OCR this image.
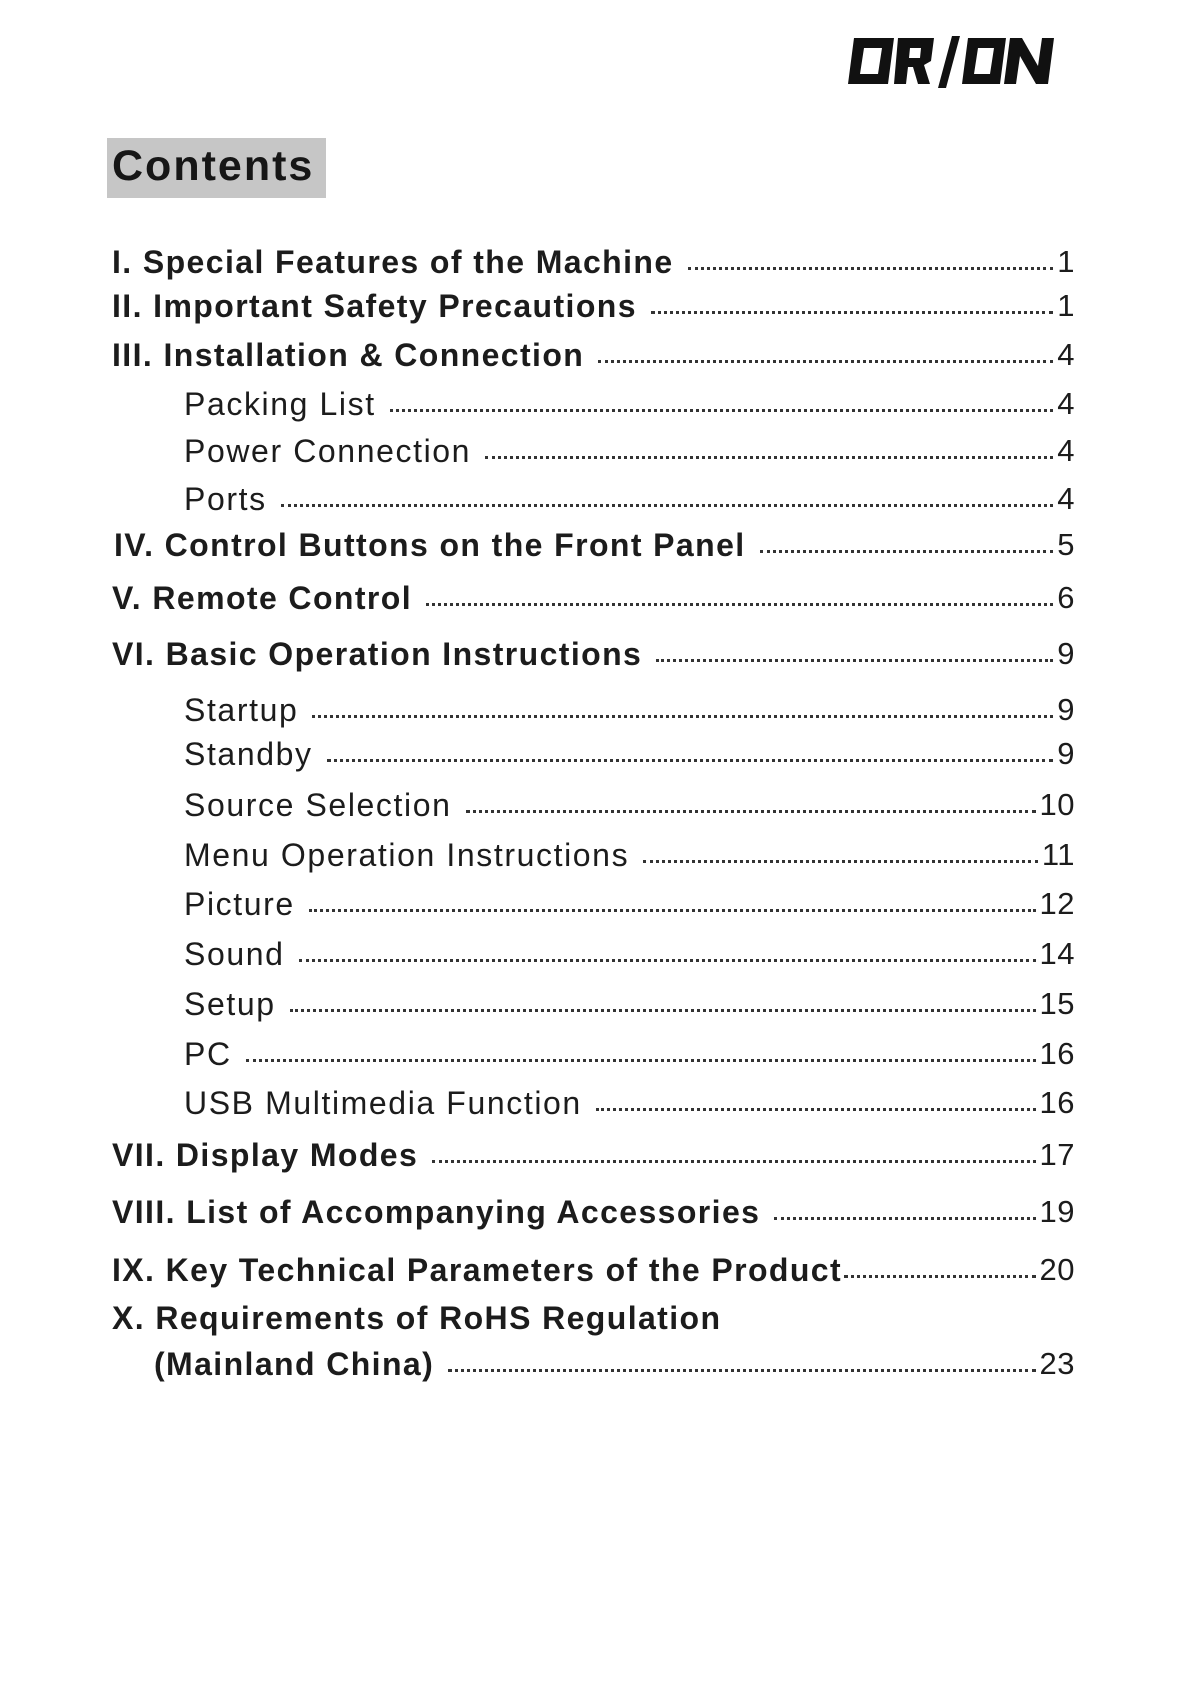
Contents
I. Special Features of the Machine	1
II. Important Safety Precautions	1
III. Installation & Connection	4
Packing List	4
Power Connection	4
Ports	4
IV. Control Buttons on the Front Panel	5
V. Remote Control	6
VI. Basic Operation Instructions	9
Startup	9
Standby	9
Source Selection	10
Menu Operation Instructions	11
Picture	12
Sound	14
Setup	15
PC	16
USB Multimedia Function	16
VII. Display Modes	17
VIII. List of Accompanying Accessories	19
IX. Key Technical Parameters of the Product	20
X. Requirements of RoHS Regulation
(Mainland China)	23
